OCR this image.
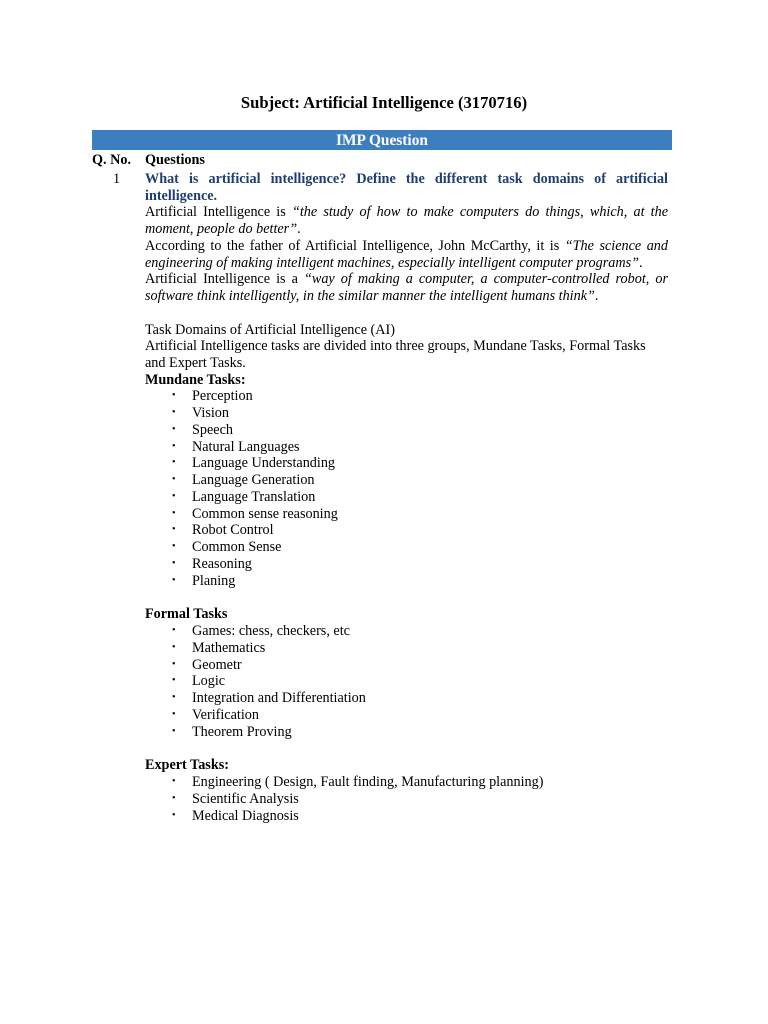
Subject: Artificial Intelligence (3170716)
IMP Question
Q. No. Questions
1 What is artificial intelligence? Define the different task domains of artificial intelligence.

Artificial Intelligence is “the study of how to make computers do things, which, at the moment, people do better”.

According to the father of Artificial Intelligence, John McCarthy, it is “The science and engineering of making intelligent machines, especially intelligent computer programs”.

Artificial Intelligence is a “way of making a computer, a computer-controlled robot, or software think intelligently, in the similar manner the intelligent humans think”.

Task Domains of Artificial Intelligence (AI)

Artificial Intelligence tasks are divided into three groups, Mundane Tasks, Formal Tasks and Expert Tasks.

Mundane Tasks:

• Perception
• Vision
• Speech
• Natural Languages
• Language Understanding
• Language Generation
• Language Translation
• Common sense reasoning
• Robot Control
• Common Sense
• Reasoning
• Planing

Formal Tasks

• Games: chess, checkers, etc
• Mathematics
• Geometr
• Logic
• Integration and Differentiation
• Verification
• Theorem Proving

Expert Tasks:

• Engineering ( Design, Fault finding, Manufacturing planning)
• Scientific Analysis
• Medical Diagnosis
